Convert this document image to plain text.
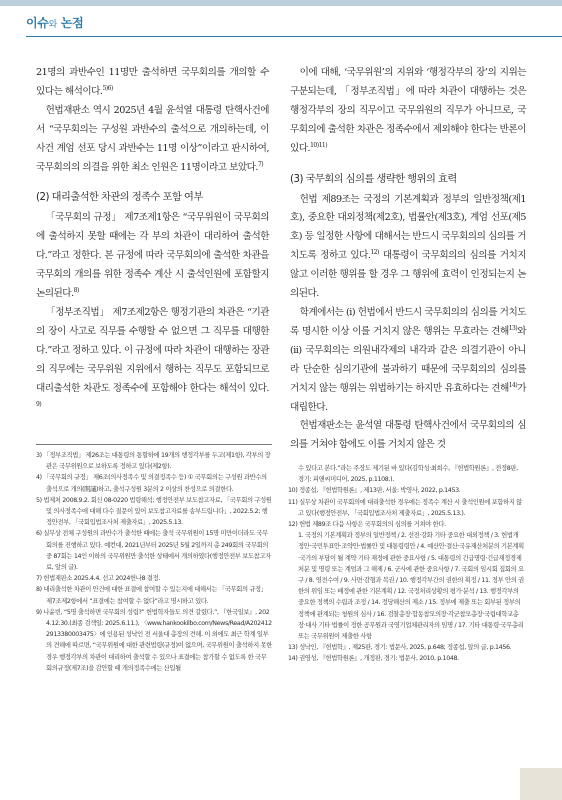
이슈와 논점

21명의 과반수인 11명만 출석하면 국무회의를 개의할 수 있다는 해석이다.$^{5)6)}$

헌법재판소 역시 2025년 4월 윤석열 대통령 탄핵사건에서 “국무회의는 구성원 과반수의 출석으로 개의하는데, 이 사건 계엄 선포 당시 과반수는 11명 이상”이라고 판시하여, 국무회의의 의결을 위한 최소 인원은 11명이라고 보았다.$^{7)}$

(2) 대리출석한 차관의 정족수 포함 여부

「국무회의 규정」 제7조제1항은 “국무위원이 국무회의에 출석하지 못할 때에는 각 부의 차관이 대리하여 출석한다.”라고 정한다. 본 규정에 따라 국무회의에 출석한 차관을 국무회의 개의를 위한 정족수 계산 시 출석인원에 포함할지 논의된다.$^{8)}$

「정부조직법」 제7조제2항은 행정기관의 차관은 “기관의 장이 사고로 직무를 수행할 수 없으면 그 직무를 대행한다.”라고 정하고 있다. 이 규정에 따라 차관이 대행하는 장관의 직무에는 국무위원 지위에서 행하는 직무도 포함되므로 대리출석한 차관도 정족수에 포함해야 한다는 해석이 있다.$^{9)}$

이에 대해, ‘국무위원’의 지위와 ‘행정각부의 장’의 지위는 구분되는데, 「정부조직법」에 따라 차관이 대행하는 것은 행정각부의 장의 직무이고 국무위원의 직무가 아니므로, 국무회의에 출석한 차관은 정족수에서 제외해야 한다는 반론이 있다.$^{10)11)}$

(3) 국무회의 심의를 생략한 행위의 효력

헌법 제89조는 국정의 기본계획과 정부의 일반정책(제1호), 중요한 대외정책(제2호), 법률안(제3호), 계엄 선포(제5호) 등 일정한 사항에 대해서는 반드시 국무회의의 심의를 거치도록 정하고 있다.$^{12)}$ 대통령이 국무회의의 심의를 거치지 않고 이러한 행위를 할 경우 그 행위에 효력이 인정되는지 논의된다.

학계에서는 (i) 헌법에서 반드시 국무회의의 심의를 거치도록 명시한 이상 이를 거치지 않은 행위는 무효라는 견해$^{13)}$와 (ii) 국무회의는 의원내각제의 내각과 같은 의결기관이 아니라 단순한 심의기관에 불과하기 때문에 국무회의의 심의를 거치지 않는 행위는 위법하기는 하지만 유효하다는 견해$^{14)}$가 대립한다.

헌법재판소는 윤석열 대통령 탄핵사건에서 국무회의의 심의를 거쳐야 함에도 이를 거치지 않은 것

3) 「정부조직법」 제26조는 대통령의 통할하에 19개의 행정각부를 두고(제1항), 각부의 장관은 국무위원으로 보하도록 정하고 있다(제2항).

4) 「국무회의 규정」 제6조(의사정족수 및 의결정족수 등) ① 국무회의는 구성원 과반수의 출석으로 개의(開議)하고, 출석구성원 3분의 2 이상의 찬성으로 의결한다.

5) 법제처 2008.9.2. 회신 08-0220 법령해석; 행정안전부 보도참고자료, 「국무회의 구성원 및 의사정족수에 대해 다수 질문이 있어 보도참고자료를 송부드립니다」, 2022.5.2; 행정안전부, 「국회입법조사처 제출자료」, 2025.5.13.

6) 실무상 전체 구성원의 과반수가 출석한 때에는 출석 국무위원이 15명 미만이더라도 국무회의를 진행하고 있다. 예컨대, 2021년부터 2025년 5월 2일까지 총 249회의 국무회의 중 87회는 14인 이하의 국무위원만 출석한 상태에서 개의하였다(행정안전부 보도참고자료, 앞의 글).

7) 헌법재판소 2025.4.4. 선고 2024헌나8 결정.

8) 대리출석한 차관이 안건에 대한 표결에 참여할 수 있는지에 대해서는 「국무회의 규정」 제7조제2항에서 “표결에는 참여할 수 없다”라고 명시하고 있다.

9) 나윤빈, “5명 출석하면 국무회의 성립?” 헌법학자들도 의견 갈렸다.”, 『한국일보』, 2024.12.30.(최종 검색일: 2025.6.11.), 〈www.hankookilbo.com/News/Read/A2024122913380003475〉에 인용된 성낙인 전 서울대 총장의 견해. 이 외에도 최근 학계 일부의 견해에 따르면, “국무위원에 대한 관련법령(규정)이 없으며, 국무위원이 출석하지 못한 경우 행정각부의 차관이 대리하여 출석할 수 있으나 표결에는 참가할 수 없도록 한 국무회의규정(제7조)을 감안할 때 개의정족수에는 산입될

수 있다고 본다.”라는 주장도 제기된 바 있다(김학성·최희수, 『헌법학원론』, 전정8판, 경기: 피앤씨미디어, 2025, p.1108.).

10) 정종섭, 『헌법학원론』, 제13판, 서울: 박영사, 2022, p.1453.

11) 실무상 차관이 국무회의에 대리출석한 경우에는 정족수 계산 시 출석인원에 포함하지 않고 있다(행정안전부, 「국회입법조사처 제출자료」, 2025.5.13.).

12) 헌법 제89조 다음 사항은 국무회의의 심의를 거쳐야 한다.

1. 국정의 기본계획과 정부의 일반정책 / 2. 선전·강화 기타 중요한 대외정책 / 3. 헌법개정안·국민투표안·조약안·법률안 및 대통령령안 / 4. 예산안·결산·국유재산처분의 기본계획·국가의 부담이 될 계약 기타 재정에 관한 중요사항 / 5. 대통령의 긴급명령·긴급재정경제처분 및 명령 또는 계엄과 그 해제 / 6. 군사에 관한 중요사항 / 7. 국회의 임시회 집회의 요구 / 8. 영전수여 / 9. 사면·감형과 복권 / 10. 행정각부간의 권한의 획정 / 11. 정부 안의 권한의 위임 또는 배정에 관한 기본계획 / 12. 국정처리상황의 평가·분석 / 13. 행정각부의 중요한 정책의 수립과 조정 / 14. 정당해산의 제소 / 15. 정부에 제출 또는 회부된 정부의 정책에 관계되는 청원의 심사 / 16. 검찰총장·합동참모의장·각군참모총장·국립대학교총장·대사 기타 법률이 정한 공무원과 국영기업체관리자의 임명 / 17. 기타 대통령·국무총리 또는 국무위원이 제출한 사항

13) 성낙인, 『헌법학』, 제25판, 경기: 법문사, 2025, p.648; 정종섭, 앞의 글, p.1456.

14) 권영성, 『헌법학원론』, 개정판, 경기: 법문사, 2010, p.1048.
